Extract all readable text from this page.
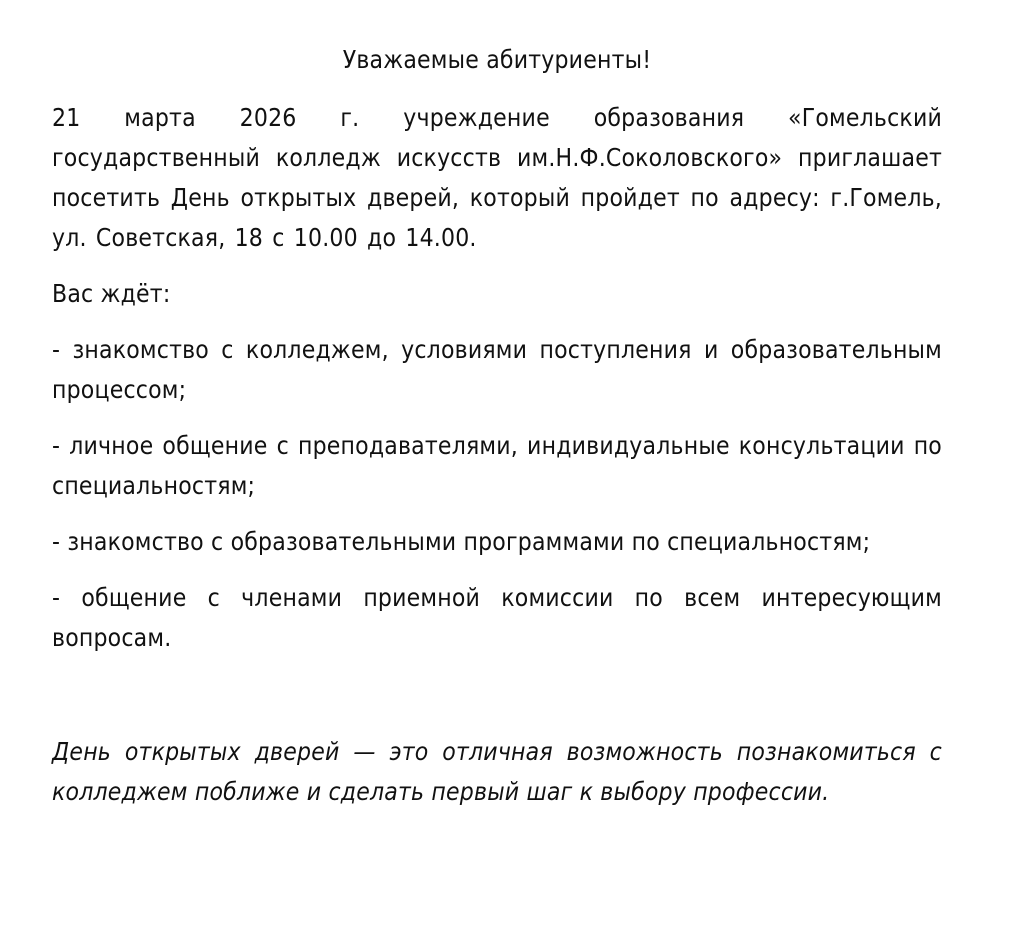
Уважаемые абитуриенты!
21 марта 2026 г. учреждение образования «Гомельский государственный колледж искусств им.Н.Ф.Соколовского» приглашает посетить День открытых дверей, который пройдет по адресу: г.Гомель, ул. Советская, 18 с 10.00 до 14.00.
Вас ждёт:
- знакомство с колледжем, условиями поступления и образовательным процессом;
- личное общение с преподавателями, индивидуальные консультации по специальностям;
- знакомство с образовательными программами по специальностям;
- общение с членами приемной комиссии по всем интересующим вопросам.
День открытых дверей — это отличная возможность познакомиться с колледжем поближе и сделать первый шаг к выбору профессии.
